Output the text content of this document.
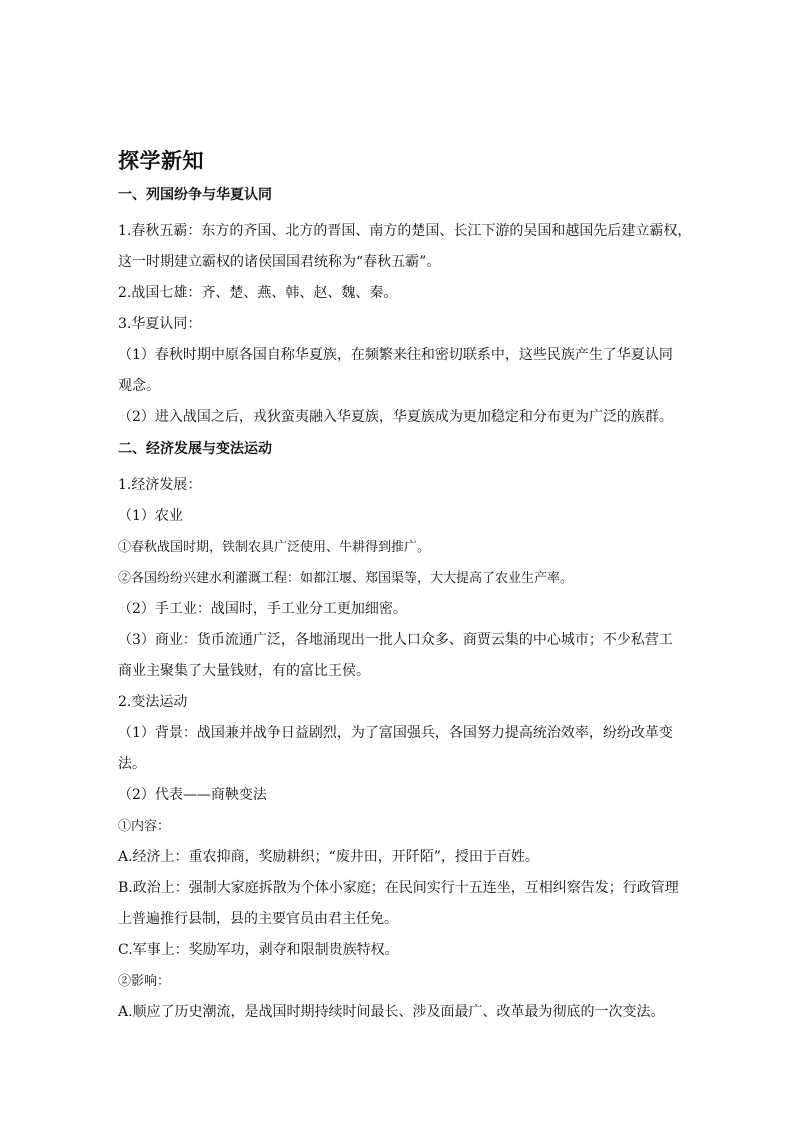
探学新知
一、列国纷争与华夏认同
1.春秋五霸：东方的齐国、北方的晋国、南方的楚国、长江下游的吴国和越国先后建立霸权，
这一时期建立霸权的诸侯国国君统称为“春秋五霸”。
2.战国七雄：齐、楚、燕、韩、赵、魏、秦。
3.华夏认同：
（1）春秋时期中原各国自称华夏族，在频繁来往和密切联系中，这些民族产生了华夏认同
观念。
（2）进入战国之后，戎狄蛮夷融入华夏族，华夏族成为更加稳定和分布更为广泛的族群。
二、经济发展与变法运动
1.经济发展：
（1）农业
①春秋战国时期，铁制农具广泛使用、牛耕得到推广。
②各国纷纷兴建水利灌溉工程：如都江堰、郑国渠等，大大提高了农业生产率。
（2）手工业：战国时，手工业分工更加细密。
（3）商业：货币流通广泛，各地涌现出一批人口众多、商贾云集的中心城市；不少私营工
商业主聚集了大量钱财，有的富比王侯。
2.变法运动
（1）背景：战国兼并战争日益剧烈，为了富国强兵，各国努力提高统治效率，纷纷改革变
法。
（2）代表——商鞅变法
①内容：
A.经济上：重农抑商，奖励耕织；“废井田，开阡陌”，授田于百姓。
B.政治上：强制大家庭拆散为个体小家庭；在民间实行十五连坐，互相纠察告发；行政管理
上普遍推行县制，县的主要官员由君主任免。
C.军事上：奖励军功，剥夺和限制贵族特权。
②影响：
A.顺应了历史潮流，是战国时期持续时间最长、涉及面最广、改革最为彻底的一次变法。
